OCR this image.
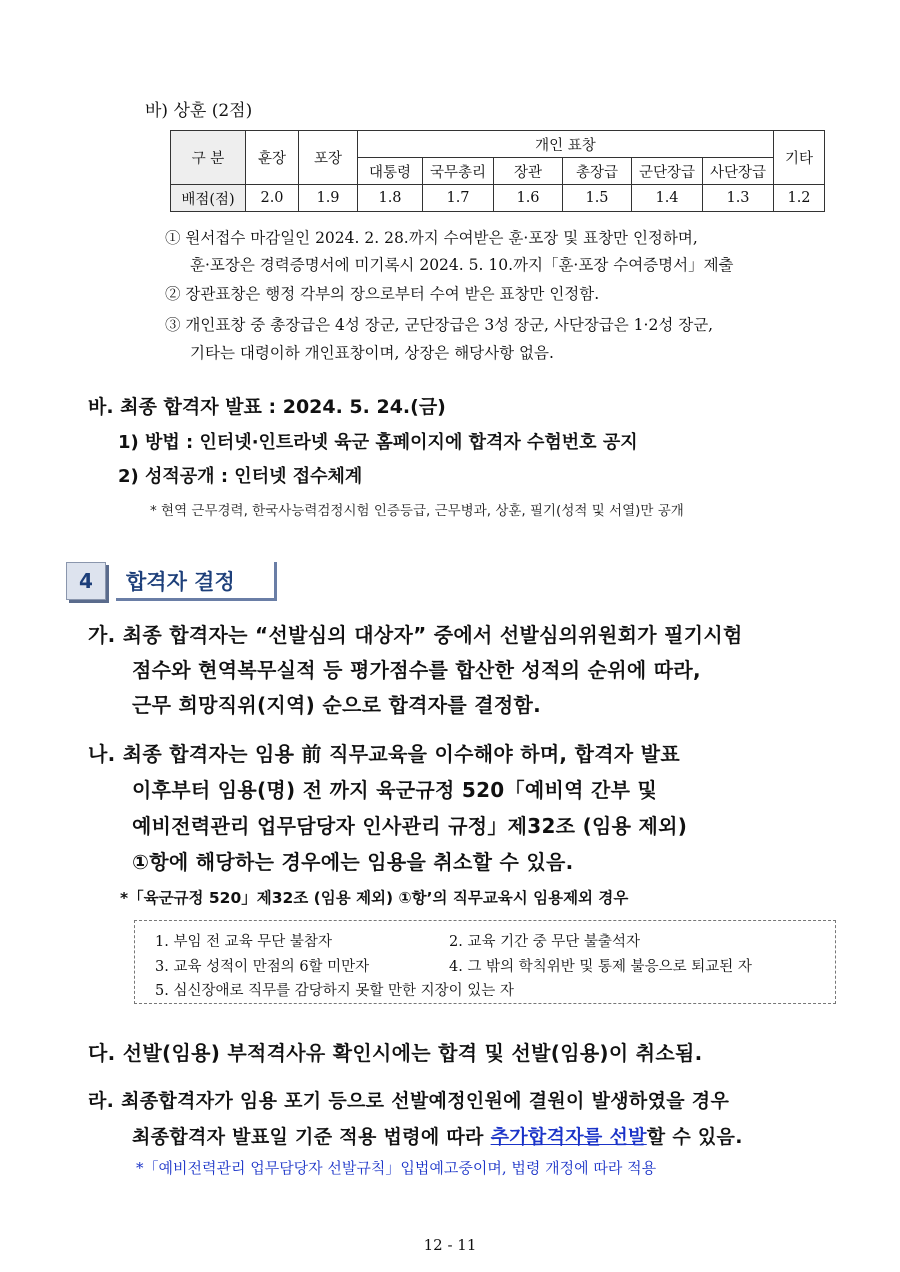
바) 상훈 (2점)
구 분	훈장	포장	개인 표창						기타
			대통령	국무총리	장관	총장급	군단장급	사단장급	
배점(점)	2.0	1.9	1.8	1.7	1.6	1.5	1.4	1.3	1.2
① 원서접수 마감일인 2024. 2. 28.까지 수여받은 훈·포장 및 표창만 인정하며,
훈·포장은 경력증명서에 미기록시 2024. 5. 10.까지「훈·포장 수여증명서」제출
② 장관표창은 행정 각부의 장으로부터 수여 받은 표창만 인정함.
③ 개인표창 중 총장급은 4성 장군, 군단장급은 3성 장군, 사단장급은 1·2성 장군,
기타는 대령이하 개인표창이며, 상장은 해당사항 없음.
바. 최종 합격자 발표 : 2024. 5. 24.(금)
1) 방법 : 인터넷·인트라넷 육군 홈페이지에 합격자 수험번호 공지
2) 성적공개 : 인터넷 접수체계
* 현역 근무경력, 한국사능력검정시험 인증등급, 근무병과, 상훈, 필기(성적 및 서열)만 공개
4	합격자 결정
가. 최종 합격자는 “선발심의 대상자” 중에서 선발심의위원회가 필기시험
점수와 현역복무실적 등 평가점수를 합산한 성적의 순위에 따라,
근무 희망직위(지역) 순으로 합격자를 결정함.
나. 최종 합격자는 임용 前 직무교육을 이수해야 하며, 합격자 발표
이후부터 임용(명) 전 까지 육군규정 520「예비역 간부 및
예비전력관리 업무담당자 인사관리 규정」제32조 (임용 제외)
①항에 해당하는 경우에는 임용을 취소할 수 있음.
*「육군규정 520」제32조 (임용 제외) ①항’의 직무교육시 임용제외 경우
1. 부임 전 교육 무단 불참자	2. 교육 기간 중 무단 불출석자
3. 교육 성적이 만점의 6할 미만자	4. 그 밖의 학칙위반 및 통제 불응으로 퇴교된 자
5. 심신장애로 직무를 감당하지 못할 만한 지장이 있는 자
다. 선발(임용) 부적격사유 확인시에는 합격 및 선발(임용)이 취소됨.
라. 최종합격자가 임용 포기 등으로 선발예정인원에 결원이 발생하였을 경우
최종합격자 발표일 기준 적용 법령에 따라 추가합격자를 선발할 수 있음.
*「예비전력관리 업무담당자 선발규칙」입법예고중이며, 법령 개정에 따라 적용
12 - 11
